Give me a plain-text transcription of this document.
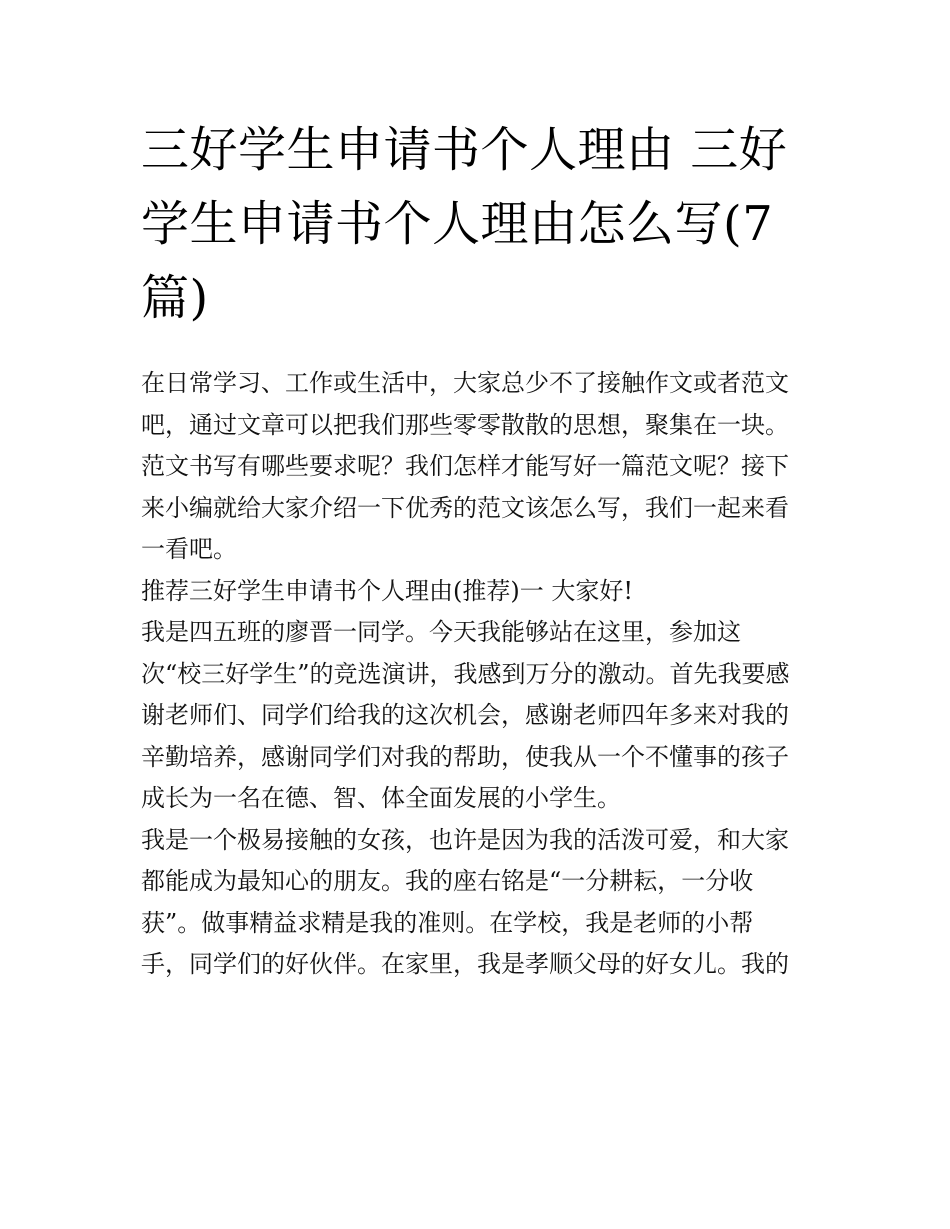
三好学生申请书个人理由 三好
学生申请书个人理由怎么写(7
篇)
在日常学习、工作或生活中，大家总少不了接触作文或者范文
吧，通过文章可以把我们那些零零散散的思想，聚集在一块。
范文书写有哪些要求呢？我们怎样才能写好一篇范文呢？接下
来小编就给大家介绍一下优秀的范文该怎么写，我们一起来看
一看吧。
推荐三好学生申请书个人理由(推荐)一 大家好!
我是四五班的廖晋一同学。今天我能够站在这里，参加这
次“校三好学生”的竞选演讲，我感到万分的激动。首先我要感
谢老师们、同学们给我的这次机会，感谢老师四年多来对我的
辛勤培养，感谢同学们对我的帮助，使我从一个不懂事的孩子
成长为一名在德、智、体全面发展的小学生。
我是一个极易接触的女孩，也许是因为我的活泼可爱，和大家
都能成为最知心的朋友。我的座右铭是“一分耕耘，一分收
获”。做事精益求精是我的准则。在学校，我是老师的小帮
手，同学们的好伙伴。在家里，我是孝顺父母的好女儿。我的
